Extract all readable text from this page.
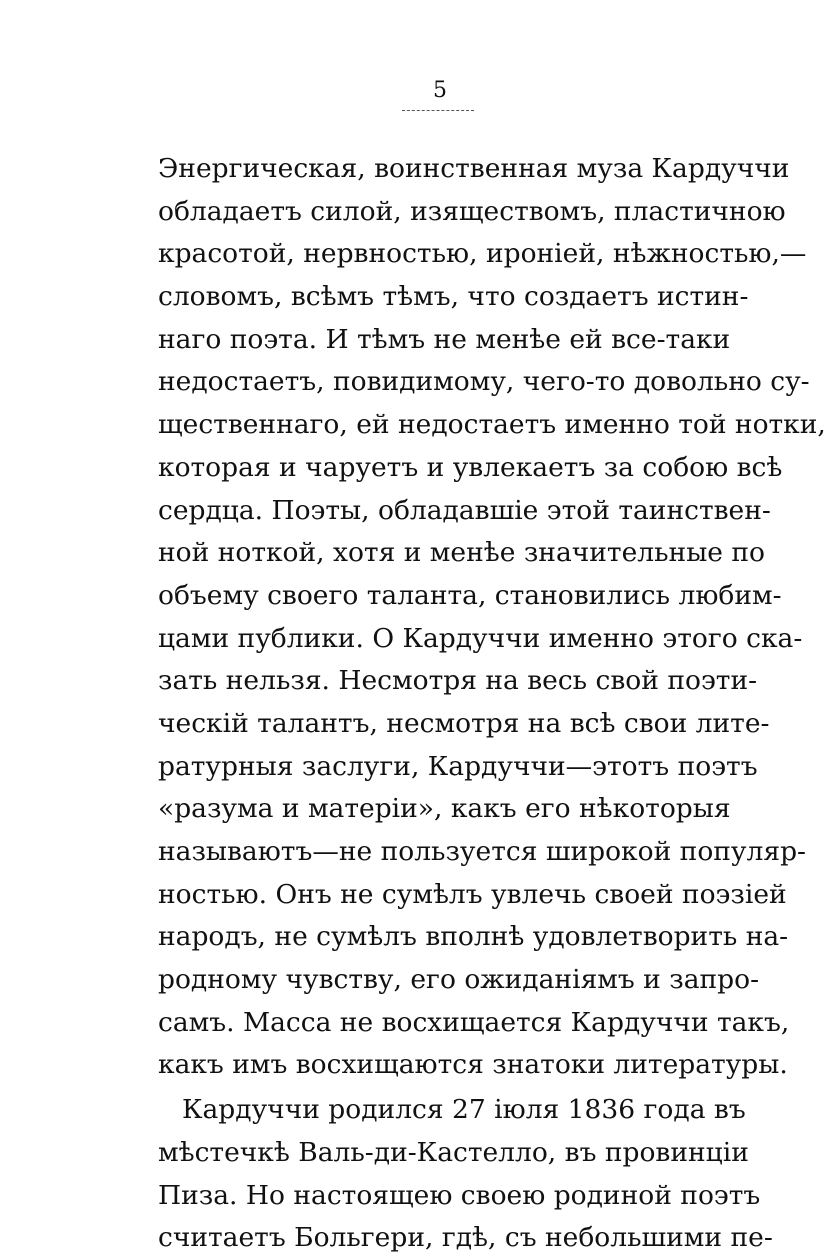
5
Энергическая, воинственная муза Кардуччи
обладаетъ силой, изяществомъ, пластичною
красотой, нервностью, ироніей, нѣжностью,—
словомъ, всѣмъ тѣмъ, что создаетъ истин-
наго поэта. И тѣмъ не менѣе ей все-таки
недостаетъ, повидимому, чего-то довольно су-
щественнаго, ей недостаетъ именно той нотки,
которая и чаруетъ и увлекаетъ за собою всѣ
сердца. Поэты, обладавшіе этой таинствен-
ной ноткой, хотя и менѣе значительные по
объему своего таланта, становились любим-
цами публики. О Кардуччи именно этого ска-
зать нельзя. Несмотря на весь свой поэти-
ческій талантъ, несмотря на всѣ свои лите-
ратурныя заслуги, Кардуччи—этотъ поэтъ
«разума и матеріи», какъ его нѣкоторыя
называютъ—не пользуется широкой популяр-
ностью. Онъ не сумѣлъ увлечь своей поэзіей
народъ, не сумѣлъ вполнѣ удовлетворить на-
родному чувству, его ожиданіямъ и запро-
самъ. Масса не восхищается Кардуччи такъ,
какъ имъ восхищаются знатоки литературы.
Кардуччи родился 27 іюля 1836 года въ
мѣстечкѣ Валь-ди-Кастелло, въ провинціи
Пиза. Но настоящею своею родиной поэтъ
считаетъ Больгери, гдѣ, съ небольшими пе-
